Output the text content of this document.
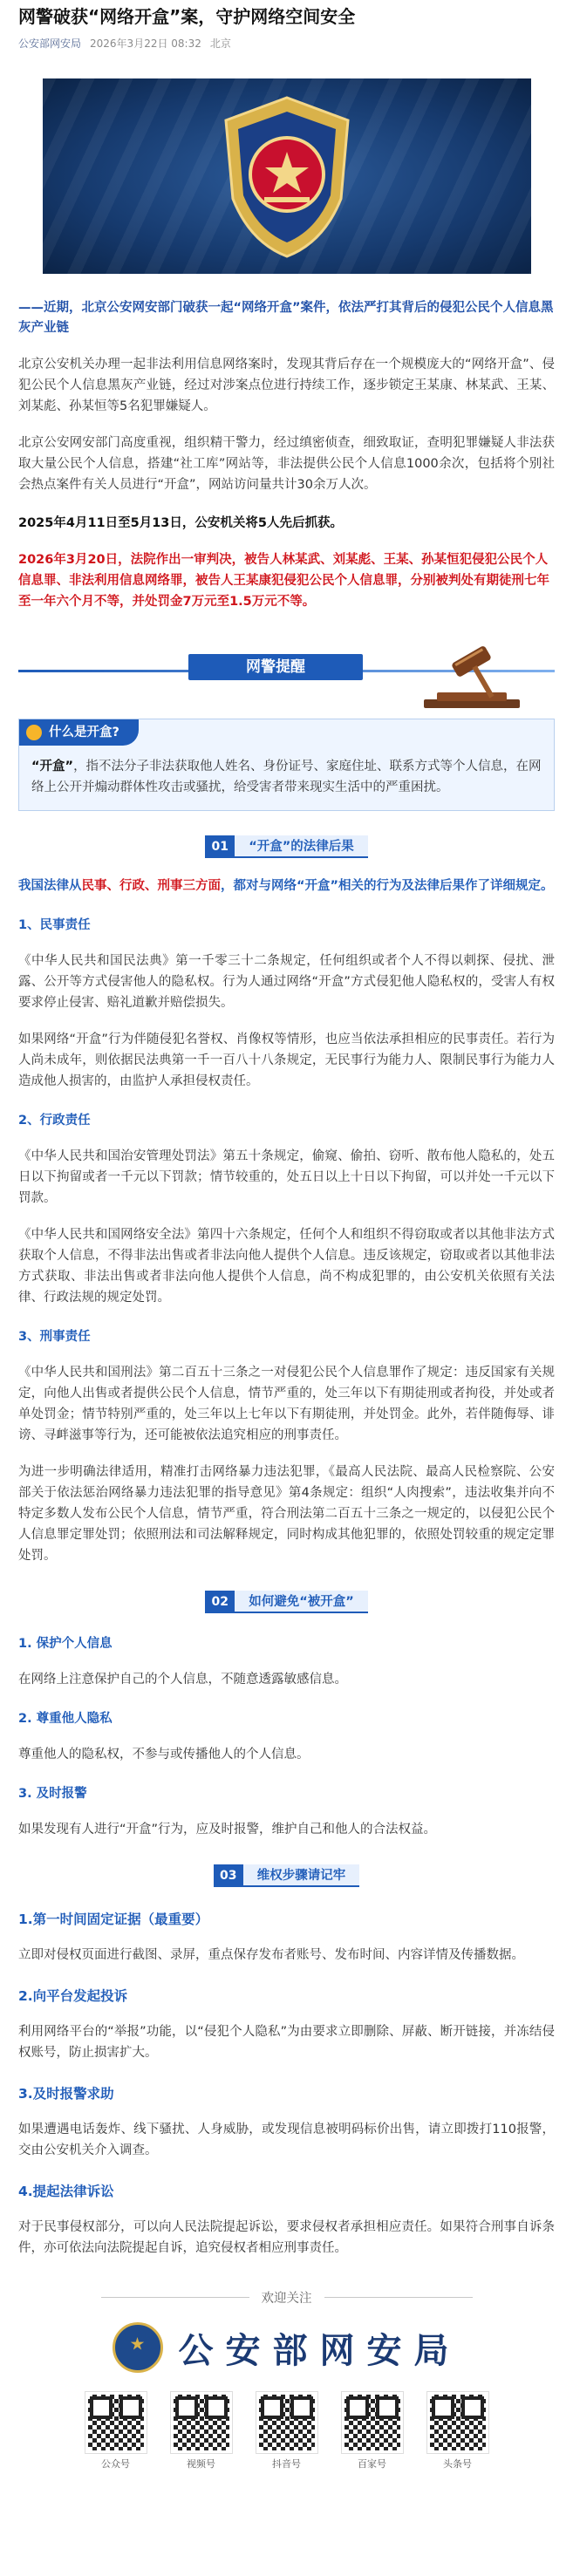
网警破获“网络开盒”案，守护网络空间安全
公安部网安局 2026年3月22日 08:32 北京

——近期，北京公安网安部门破获一起“网络开盒”案件，依法严打其背后的侵犯公民个人信息黑灰产业链

北京公安机关办理一起非法利用信息网络案时，发现其背后存在一个规模庞大的“网络开盒”、侵犯公民个人信息黑灰产业链，经过对涉案点位进行持续工作，逐步锁定王某康、林某武、王某、刘某彪、孙某恒等5名犯罪嫌疑人。

北京公安网安部门高度重视，组织精干警力，经过缜密侦查，细致取证，查明犯罪嫌疑人非法获取大量公民个人信息，搭建“社工库”网站等，非法提供公民个人信息1000余次，包括将个别社会热点案件有关人员进行“开盒”，网站访问量共计30余万人次。

2025年4月11日至5月13日，公安机关将5人先后抓获。

2026年3月20日，法院作出一审判决，被告人林某武、刘某彪、王某、孙某恒犯侵犯公民个人信息罪、非法利用信息网络罪，被告人王某康犯侵犯公民个人信息罪，分别被判处有期徒刑七年至一年六个月不等，并处罚金7万元至1.5万元不等。

网警提醒
什么是开盒?

“开盒”，指不法分子非法获取他人姓名、身份证号、家庭住址、联系方式等个人信息，在网络上公开并煽动群体性攻击或骚扰，给受害者带来现实生活中的严重困扰。

01	“开盒”的法律后果

我国法律从民事、行政、刑事三方面，都对与网络“开盒”相关的行为及法律后果作了详细规定。

1、民事责任

《中华人民共和国民法典》第一千零三十二条规定，任何组织或者个人不得以刺探、侵扰、泄露、公开等方式侵害他人的隐私权。行为人通过网络“开盒”方式侵犯他人隐私权的，受害人有权要求停止侵害、赔礼道歉并赔偿损失。

如果网络“开盒”行为伴随侵犯名誉权、肖像权等情形，也应当依法承担相应的民事责任。若行为人尚未成年，则依据民法典第一千一百八十八条规定，无民事行为能力人、限制民事行为能力人造成他人损害的，由监护人承担侵权责任。

2、行政责任

《中华人民共和国治安管理处罚法》第五十条规定，偷窥、偷拍、窃听、散布他人隐私的，处五日以下拘留或者一千元以下罚款；情节较重的，处五日以上十日以下拘留，可以并处一千元以下罚款。

《中华人民共和国网络安全法》第四十六条规定，任何个人和组织不得窃取或者以其他非法方式获取个人信息，不得非法出售或者非法向他人提供个人信息。违反该规定，窃取或者以其他非法方式获取、非法出售或者非法向他人提供个人信息，尚不构成犯罪的，由公安机关依照有关法律、行政法规的规定处罚。

3、刑事责任

《中华人民共和国刑法》第二百五十三条之一对侵犯公民个人信息罪作了规定：违反国家有关规定，向他人出售或者提供公民个人信息，情节严重的，处三年以下有期徒刑或者拘役，并处或者单处罚金；情节特别严重的，处三年以上七年以下有期徒刑，并处罚金。此外，若伴随侮辱、诽谤、寻衅滋事等行为，还可能被依法追究相应的刑事责任。

为进一步明确法律适用，精准打击网络暴力违法犯罪，《最高人民法院、最高人民检察院、公安部关于依法惩治网络暴力违法犯罪的指导意见》第4条规定：组织“人肉搜索”，违法收集并向不特定多数人发布公民个人信息，情节严重，符合刑法第二百五十三条之一规定的，以侵犯公民个人信息罪定罪处罚；依照刑法和司法解释规定，同时构成其他犯罪的，依照处罚较重的规定定罪处罚。

02	如何避免“被开盒”
1. 保护个人信息

在网络上注意保护自己的个人信息，不随意透露敏感信息。

2. 尊重他人隐私

尊重他人的隐私权，不参与或传播他人的个人信息。

3. 及时报警

如果发现有人进行“开盒”行为，应及时报警，维护自己和他人的合法权益。

03	维权步骤请记牢
1.第一时间固定证据（最重要）

立即对侵权页面进行截图、录屏，重点保存发布者账号、发布时间、内容详情及传播数据。

2.向平台发起投诉

利用网络平台的“举报”功能，以“侵犯个人隐私”为由要求立即删除、屏蔽、断开链接，并冻结侵权账号，防止损害扩大。

3.及时报警求助

如果遭遇电话轰炸、线下骚扰、人身威胁，或发现信息被明码标价出售，请立即拨打110报警，交由公安机关介入调查。

4.提起法律诉讼

对于民事侵权部分，可以向人民法院提起诉讼，要求侵权者承担相应责任。如果符合刑事自诉条件，亦可依法向法院提起自诉，追究侵权者相应刑事责任。

欢迎关注
公安部网安局
公众号	视频号	抖音号	百家号	头条号
